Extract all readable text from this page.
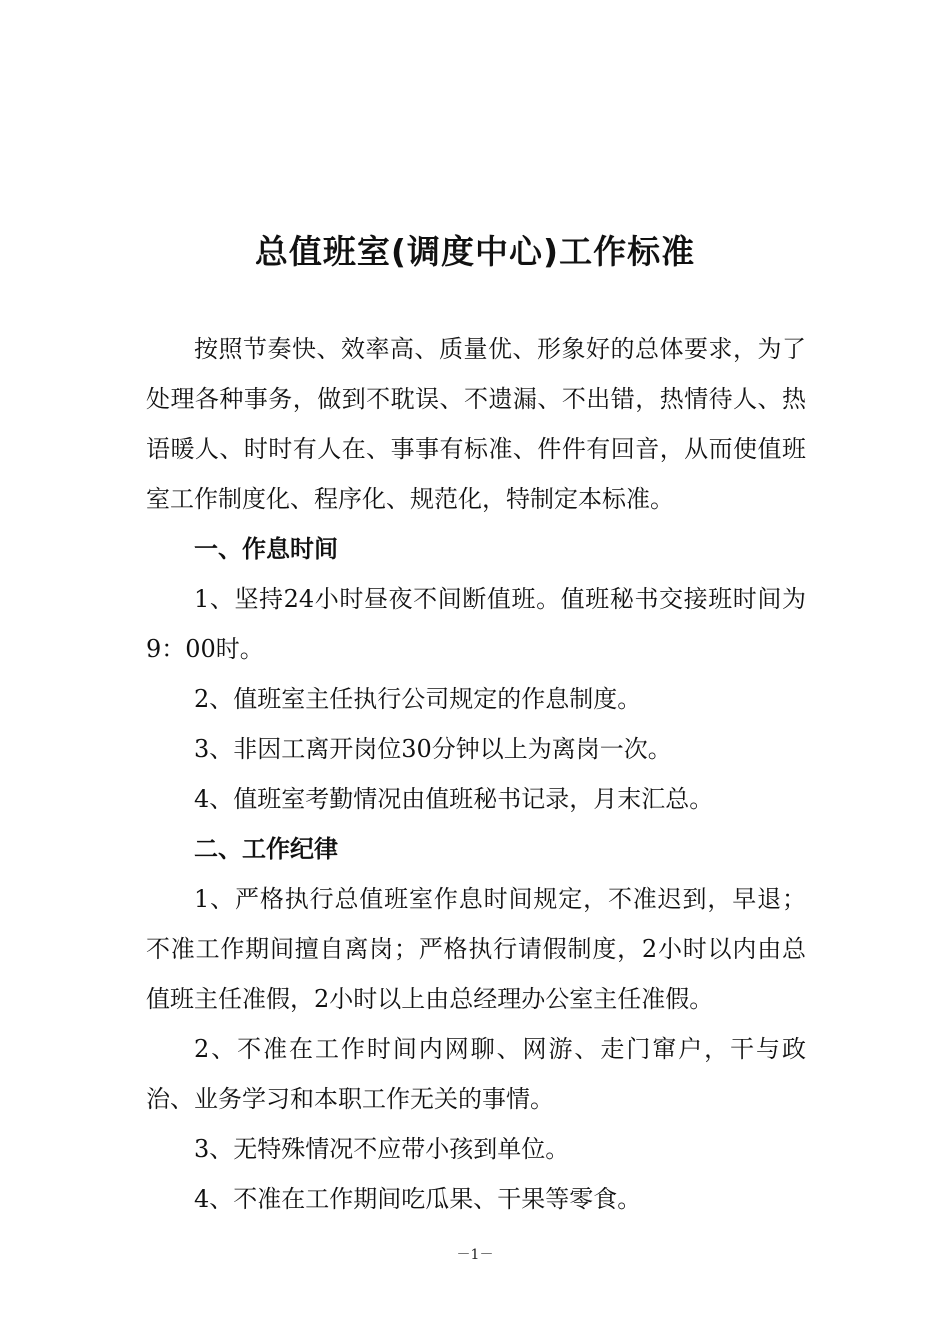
总值班室(调度中心)工作标准

按照节奏快、效率高、质量优、形象好的总体要求，为了处理各种事务，做到不耽误、不遗漏、不出错，热情待人、热语暖人、时时有人在、事事有标准、件件有回音，从而使值班室工作制度化、程序化、规范化，特制定本标准。

一、作息时间

1、坚持24小时昼夜不间断值班。值班秘书交接班时间为9：00时。

2、值班室主任执行公司规定的作息制度。

3、非因工离开岗位30分钟以上为离岗一次。

4、值班室考勤情况由值班秘书记录，月末汇总。

二、工作纪律

1、严格执行总值班室作息时间规定，不准迟到，早退；不准工作期间擅自离岗；严格执行请假制度，2小时以内由总值班主任准假，2小时以上由总经理办公室主任准假。

2、不准在工作时间内网聊、网游、走门窜户，干与政治、业务学习和本职工作无关的事情。

3、无特殊情况不应带小孩到单位。

4、不准在工作期间吃瓜果、干果等零食。

－1－
